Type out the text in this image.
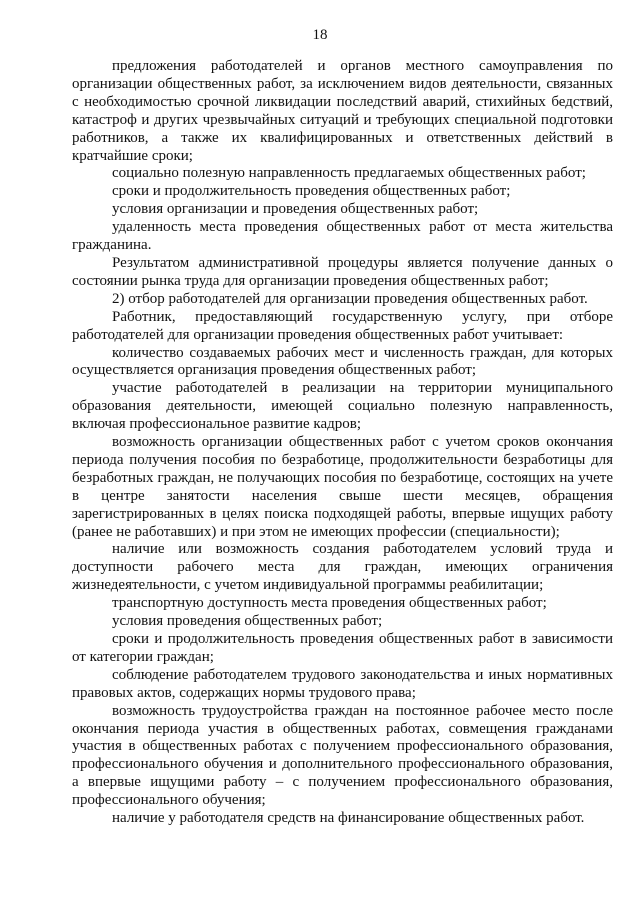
18

предложения работодателей и органов местного самоуправления по организации общественных работ, за исключением видов деятельности, связанных с необходимостью срочной ликвидации последствий аварий, стихийных бедствий, катастроф и других чрезвычайных ситуаций и требующих специальной подготовки работников, а также их квалифицированных и ответственных действий в кратчайшие сроки;

социально полезную направленность предлагаемых общественных работ;

сроки и продолжительность проведения общественных работ;

условия организации и проведения общественных работ;

удаленность места проведения общественных работ от места жительства гражданина.

Результатом административной процедуры является получение данных о состоянии рынка труда для организации проведения общественных работ;

2) отбор работодателей для организации проведения общественных работ.

Работник, предоставляющий государственную услугу, при отборе работодателей для организации проведения общественных работ учитывает:

количество создаваемых рабочих мест и численность граждан, для которых осуществляется организация проведения общественных работ;

участие работодателей в реализации на территории муниципального образования деятельности, имеющей социально полезную направленность, включая профессиональное развитие кадров;

возможность организации общественных работ с учетом сроков окончания периода получения пособия по безработице, продолжительности безработицы для безработных граждан, не получающих пособия по безработице, состоящих на учете в центре занятости населения свыше шести месяцев, обращения зарегистрированных в целях поиска подходящей работы, впервые ищущих работу (ранее не работавших) и при этом не имеющих профессии (специальности);

наличие или возможность создания работодателем условий труда и доступности рабочего места для граждан, имеющих ограничения жизнедеятельности, с учетом индивидуальной программы реабилитации;

транспортную доступность места проведения общественных работ;

условия проведения общественных работ;

сроки и продолжительность проведения общественных работ в зависимости от категории граждан;

соблюдение работодателем трудового законодательства и иных нормативных правовых актов, содержащих нормы трудового права;

возможность трудоустройства граждан на постоянное рабочее место после окончания периода участия в общественных работах, совмещения гражданами участия в общественных работах с получением профессионального образования, профессионального обучения и дополнительного профессионального образования, а впервые ищущими работу – с получением профессионального образования, профессионального обучения;

наличие у работодателя средств на финансирование общественных работ.
